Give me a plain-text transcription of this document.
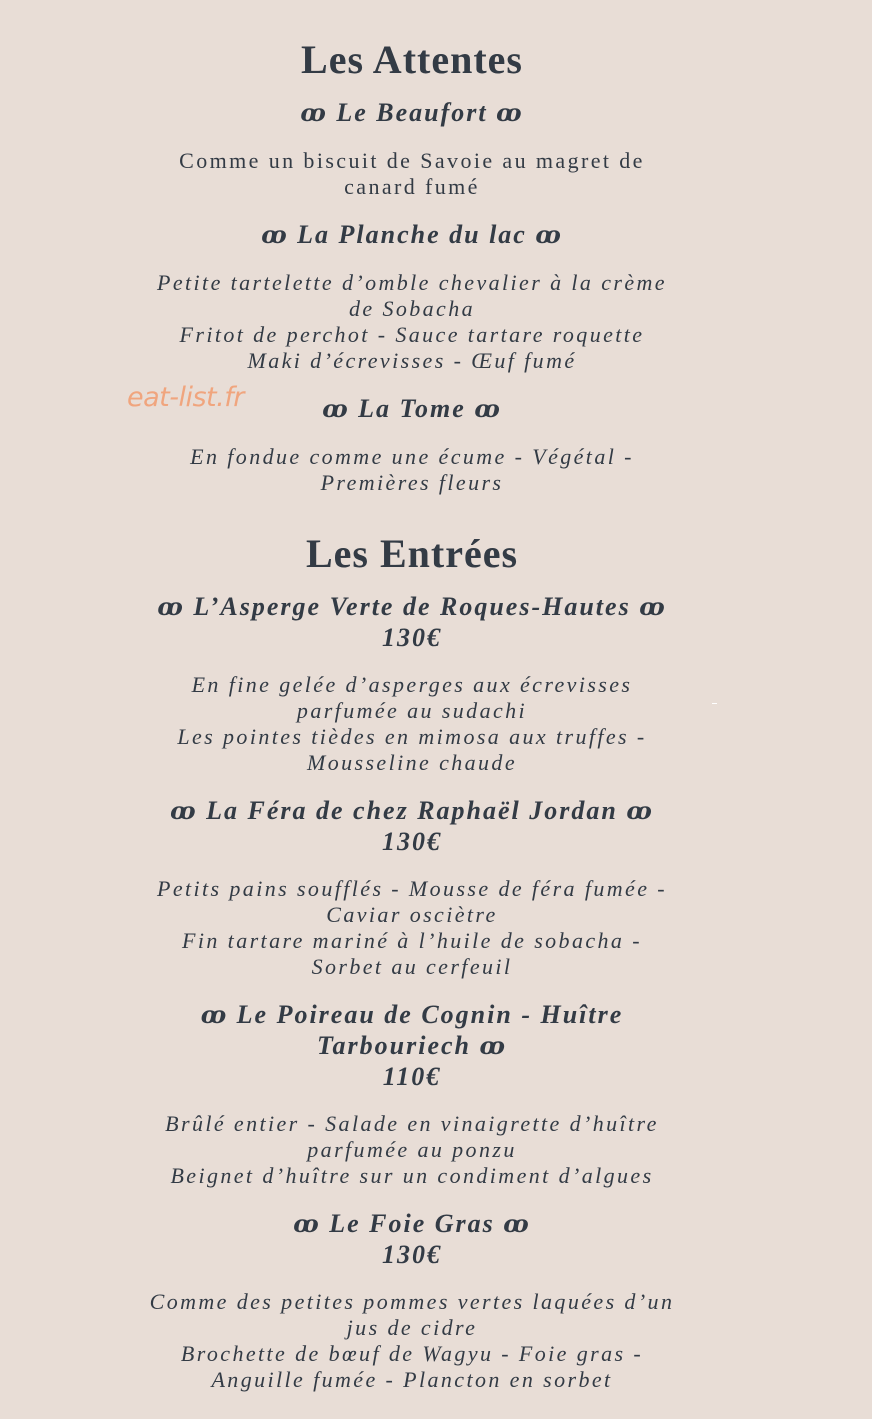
Les Attentes
ꝏ Le Beaufort ꝏ
Comme un biscuit de Savoie au magret de
canard fumé
ꝏ La Planche du lac ꝏ
Petite tartelette d’omble chevalier à la crème
de Sobacha
Fritot de perchot - Sauce tartare roquette
Maki d’écrevisses - Œuf fumé
ꝏ La Tome ꝏ
En fondue comme une écume - Végétal -
Premières fleurs
Les Entrées
ꝏ L’Asperge Verte de Roques-Hautes ꝏ
130€
En fine gelée d’asperges aux écrevisses
parfumée au sudachi
Les pointes tièdes en mimosa aux truffes -
Mousseline chaude
ꝏ La Féra de chez Raphaël Jordan ꝏ
130€
Petits pains soufflés - Mousse de féra fumée -
Caviar osciètre
Fin tartare mariné à l’huile de sobacha -
Sorbet au cerfeuil
ꝏ Le Poireau de Cognin - Huître
Tarbouriech ꝏ
110€
Brûlé entier - Salade en vinaigrette d’huître
parfumée au ponzu
Beignet d’huître sur un condiment d’algues
ꝏ Le Foie Gras ꝏ
130€
Comme des petites pommes vertes laquées d’un
jus de cidre
Brochette de bœuf de Wagyu - Foie gras -
Anguille fumée - Plancton en sorbet
eat-list.fr
